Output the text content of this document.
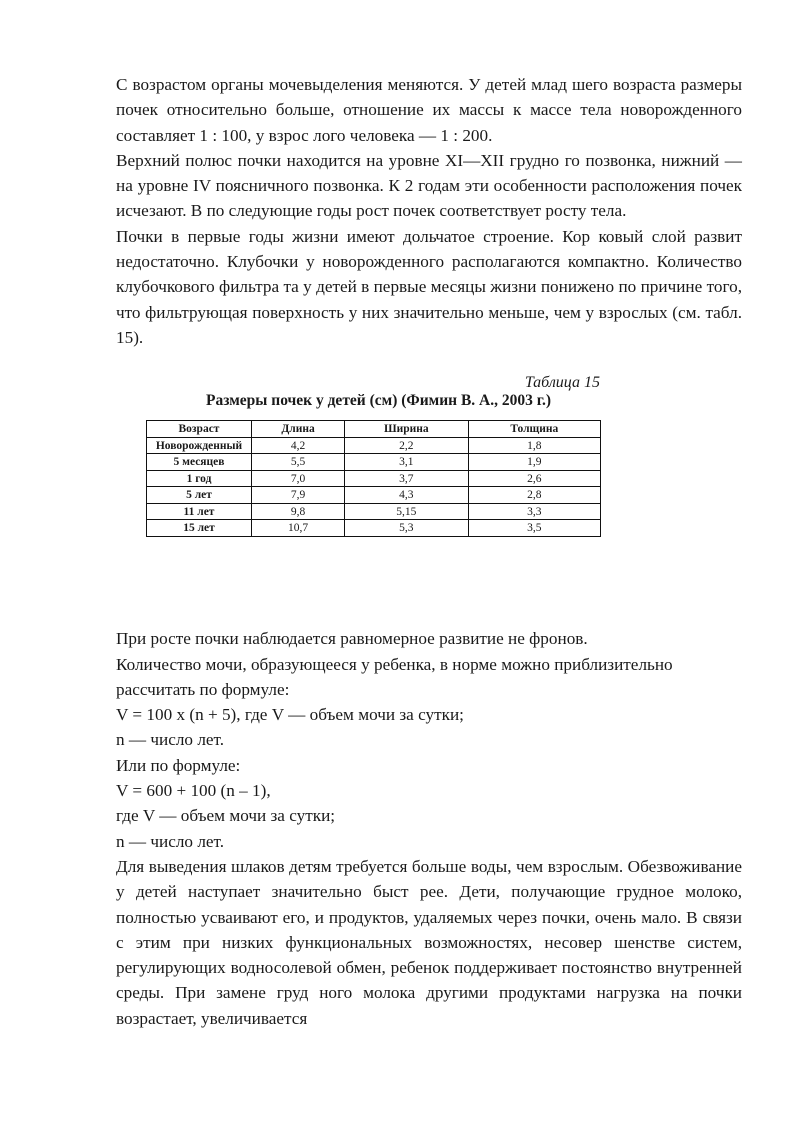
С возрастом органы мочевыделения меняются. У детей млад шего возраста размеры почек относительно больше, отношение их массы к массе тела новорожденного составляет 1 : 100, у взрос лого человека — 1 : 200.

Верхний полюс почки находится на уровне XI—XII грудно го позвонка, нижний — на уровне IV поясничного позвонка. К 2 годам эти особенности расположения почек исчезают. В по следующие годы рост почек соответствует росту тела.

Почки в первые годы жизни имеют дольчатое строение. Кор ковый слой развит недостаточно. Клубочки у новорожденного располагаются компактно. Количество клубочкового фильтра та у детей в первые месяцы жизни понижено по причине того, что фильтрующая поверхность у них значительно меньше, чем у взрослых (см. табл. 15).

Таблица 15
Размеры почек у детей (см) (Фимин В. А., 2003 г.)
Возраст	Длина	Ширина	Толщина
Новорожденный	4,2	2,2	1,8
5 месяцев	5,5	3,1	1,9
1 год	7,0	3,7	2,6
5 лет	7,9	4,3	2,8
11 лет	9,8	5,15	3,3
15 лет	10,7	5,3	3,5

При росте почки наблюдается равномерное развитие не фронов.

Количество мочи, образующееся у ребенка, в норме можно приблизительно рассчитать по формуле:

V = 100 x (n + 5), где V — объем мочи за сутки;

n — число лет.

Или по формуле:

V = 600 + 100 (n – 1),

где V — объем мочи за сутки;

n — число лет.

Для выведения шлаков детям требуется больше воды, чем взрослым. Обезвоживание у детей наступает значительно быст рее. Дети, получающие грудное молоко, полностью усваивают его, и продуктов, удаляемых через почки, очень мало. В связи с этим при низких функциональных возможностях, несовер шенстве систем, регулирующих водносолевой обмен, ребенок поддерживает постоянство внутренней среды. При замене груд ного молока другими продуктами нагрузка на почки возрастает, увеличивается
